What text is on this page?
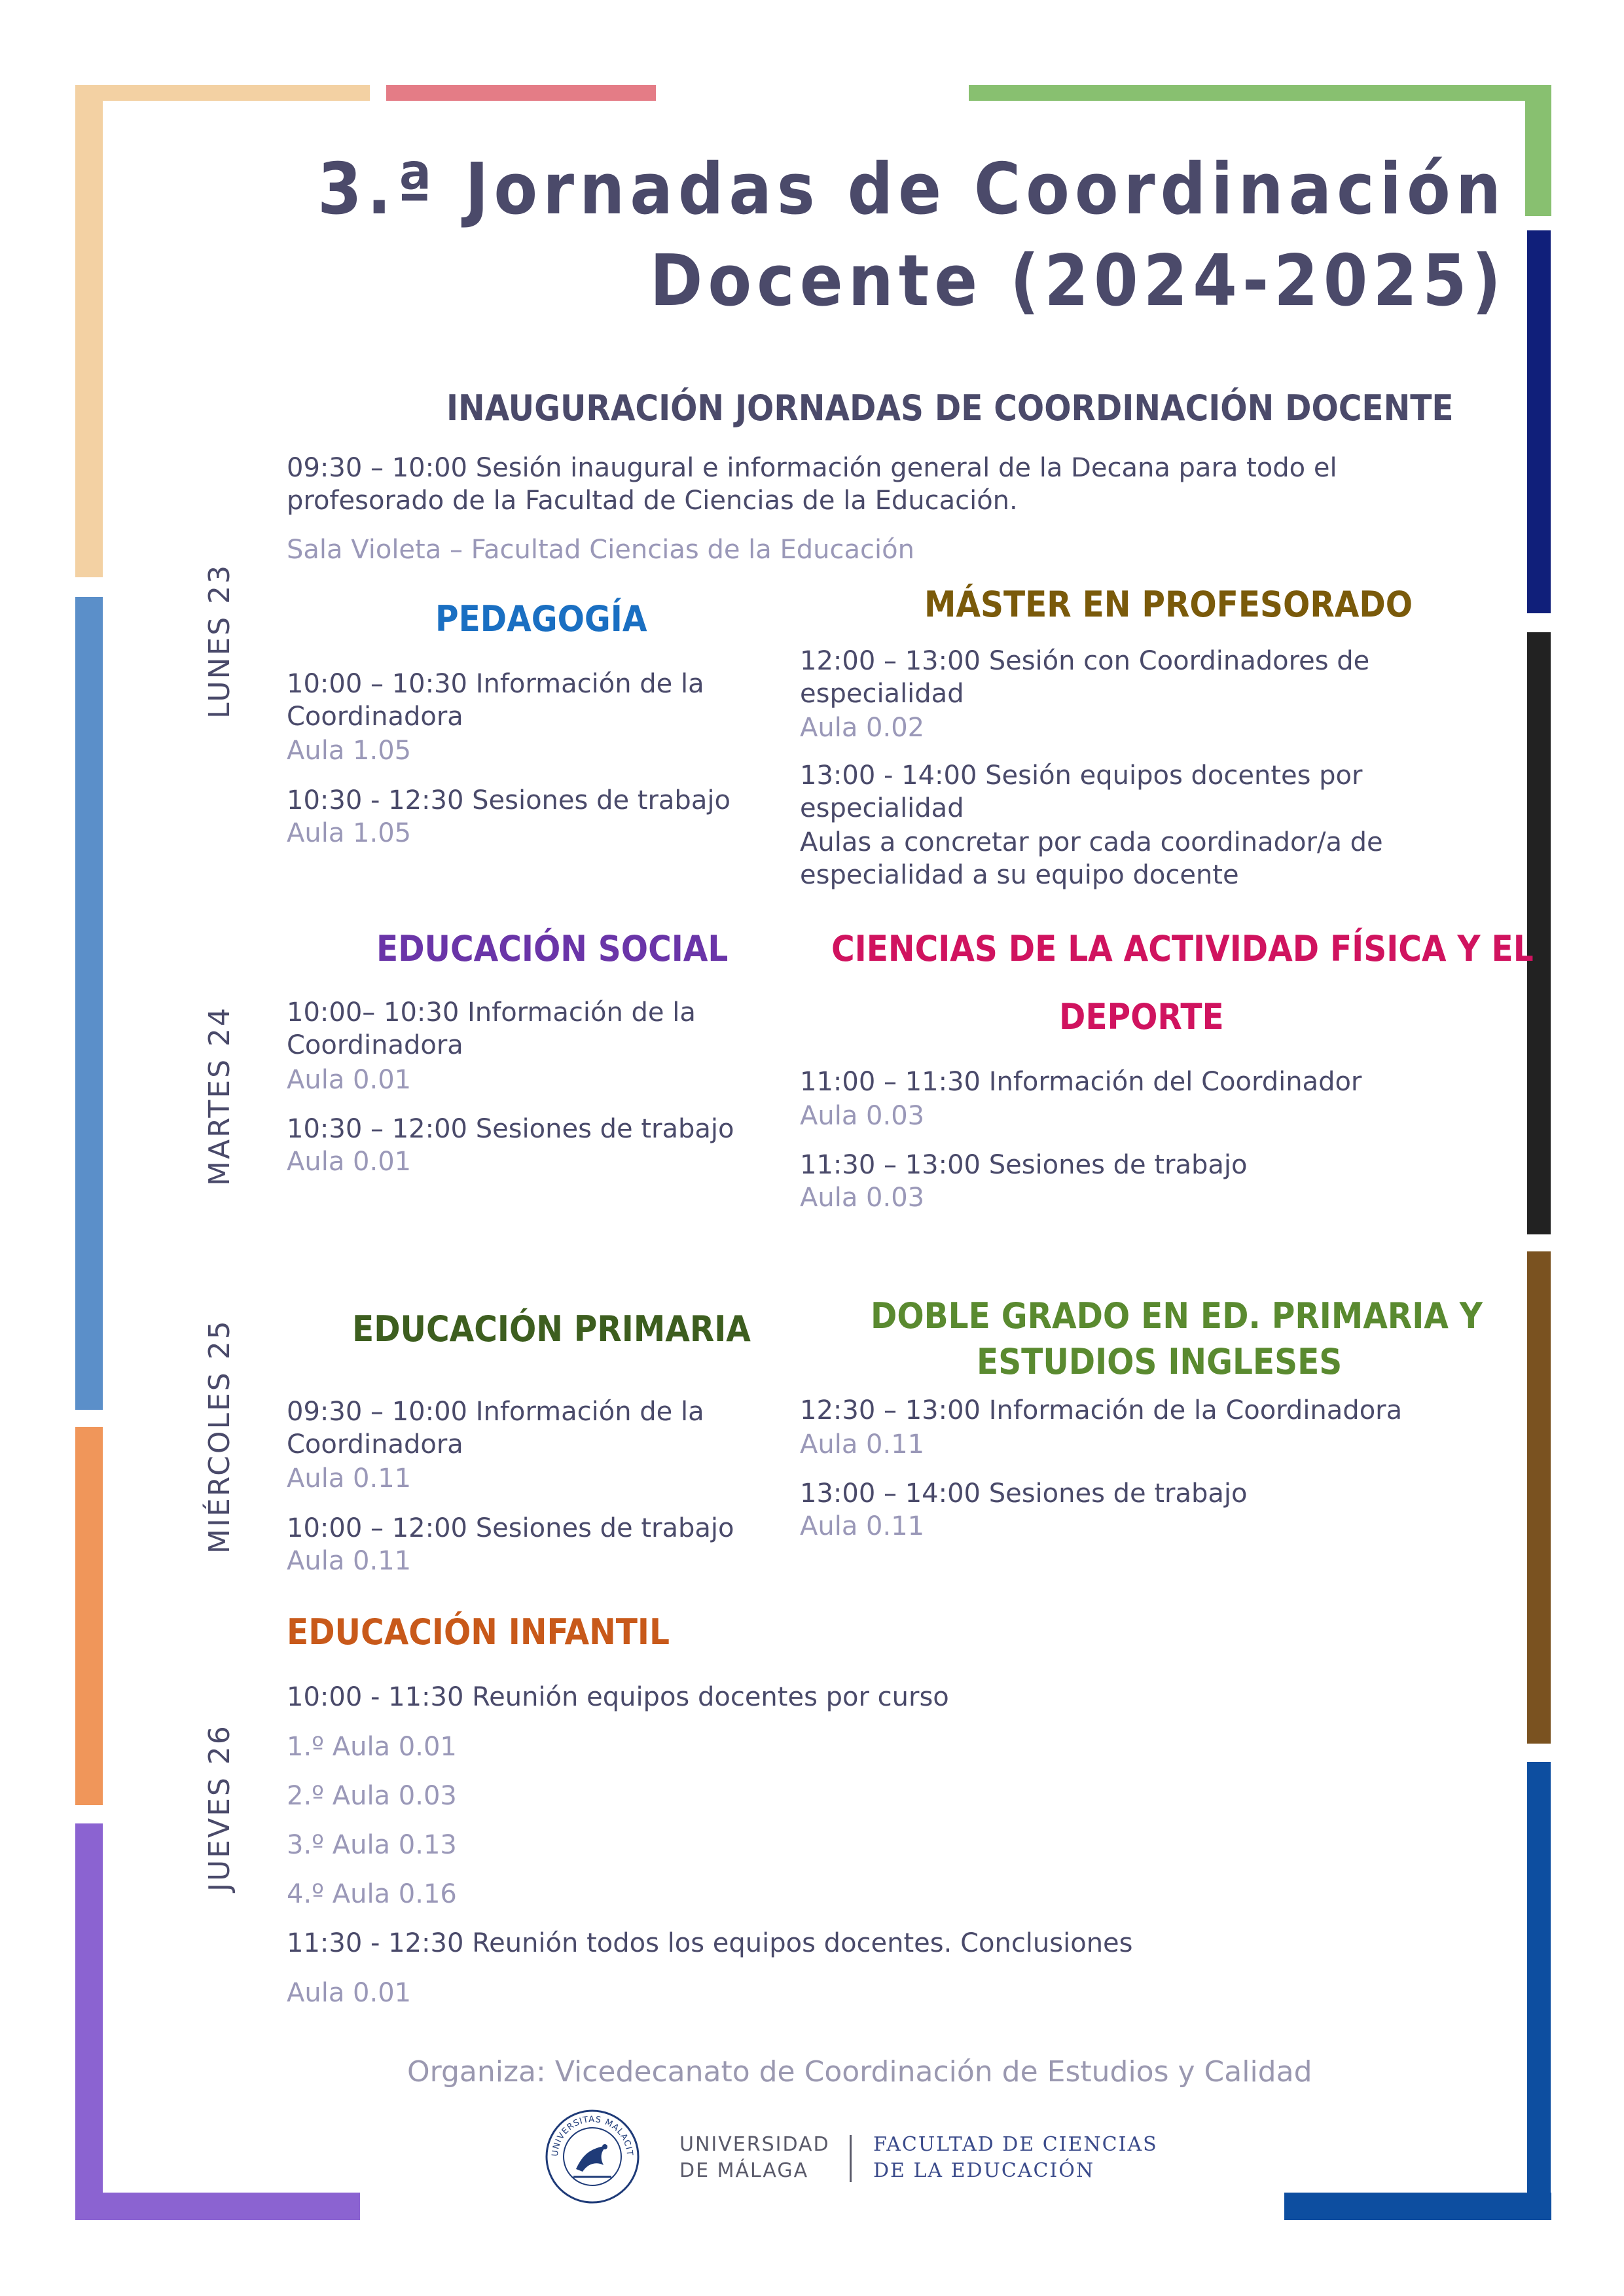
3.ª Jornadas de Coordinación
Docente (2024-2025)
LUNES 23
MARTES 24
MIÉRCOLES 25
JUEVES 26
INAUGURACIÓN JORNADAS DE COORDINACIÓN DOCENTE
09:30 – 10:00 Sesión inaugural e información general de la Decana para todo el profesorado de la Facultad de Ciencias de la Educación.
Sala Violeta – Facultad Ciencias de la Educación
PEDAGOGÍA
10:00 – 10:30 Información de la Coordinadora
Aula 1.05
10:30 - 12:30 Sesiones de trabajo
Aula 1.05
MÁSTER EN PROFESORADO
12:00 – 13:00 Sesión con Coordinadores de especialidad
Aula 0.02
13:00 - 14:00 Sesión equipos docentes por especialidad
Aulas a concretar por cada coordinador/a de especialidad a su equipo docente
EDUCACIÓN SOCIAL
10:00– 10:30 Información de la Coordinadora
Aula 0.01
10:30 – 12:00 Sesiones de trabajo
Aula 0.01
CIENCIAS DE LA ACTIVIDAD FÍSICA Y EL
DEPORTE
11:00 – 11:30 Información del Coordinador
Aula 0.03
11:30 – 13:00 Sesiones de trabajo
Aula 0.03
EDUCACIÓN PRIMARIA
09:30 – 10:00 Información de la Coordinadora
Aula 0.11
10:00 – 12:00 Sesiones de trabajo
Aula 0.11
DOBLE GRADO EN ED. PRIMARIA Y
ESTUDIOS INGLESES
12:30 – 13:00 Información de la Coordinadora
Aula 0.11
13:00 – 14:00 Sesiones de trabajo
Aula 0.11
EDUCACIÓN INFANTIL
10:00 - 11:30 Reunión equipos docentes por curso
1.º Aula 0.01
2.º Aula 0.03
3.º Aula 0.13
4.º Aula 0.16
11:30 - 12:30 Reunión todos los equipos docentes. Conclusiones
Aula 0.01
Organiza: Vicedecanato de Coordinación de Estudios y Calidad
UNIVERSITAS MALACIT UNIVERSIDAD
DE MÁLAGA
FACULTAD DE CIENCIAS
DE LA EDUCACIÓN
